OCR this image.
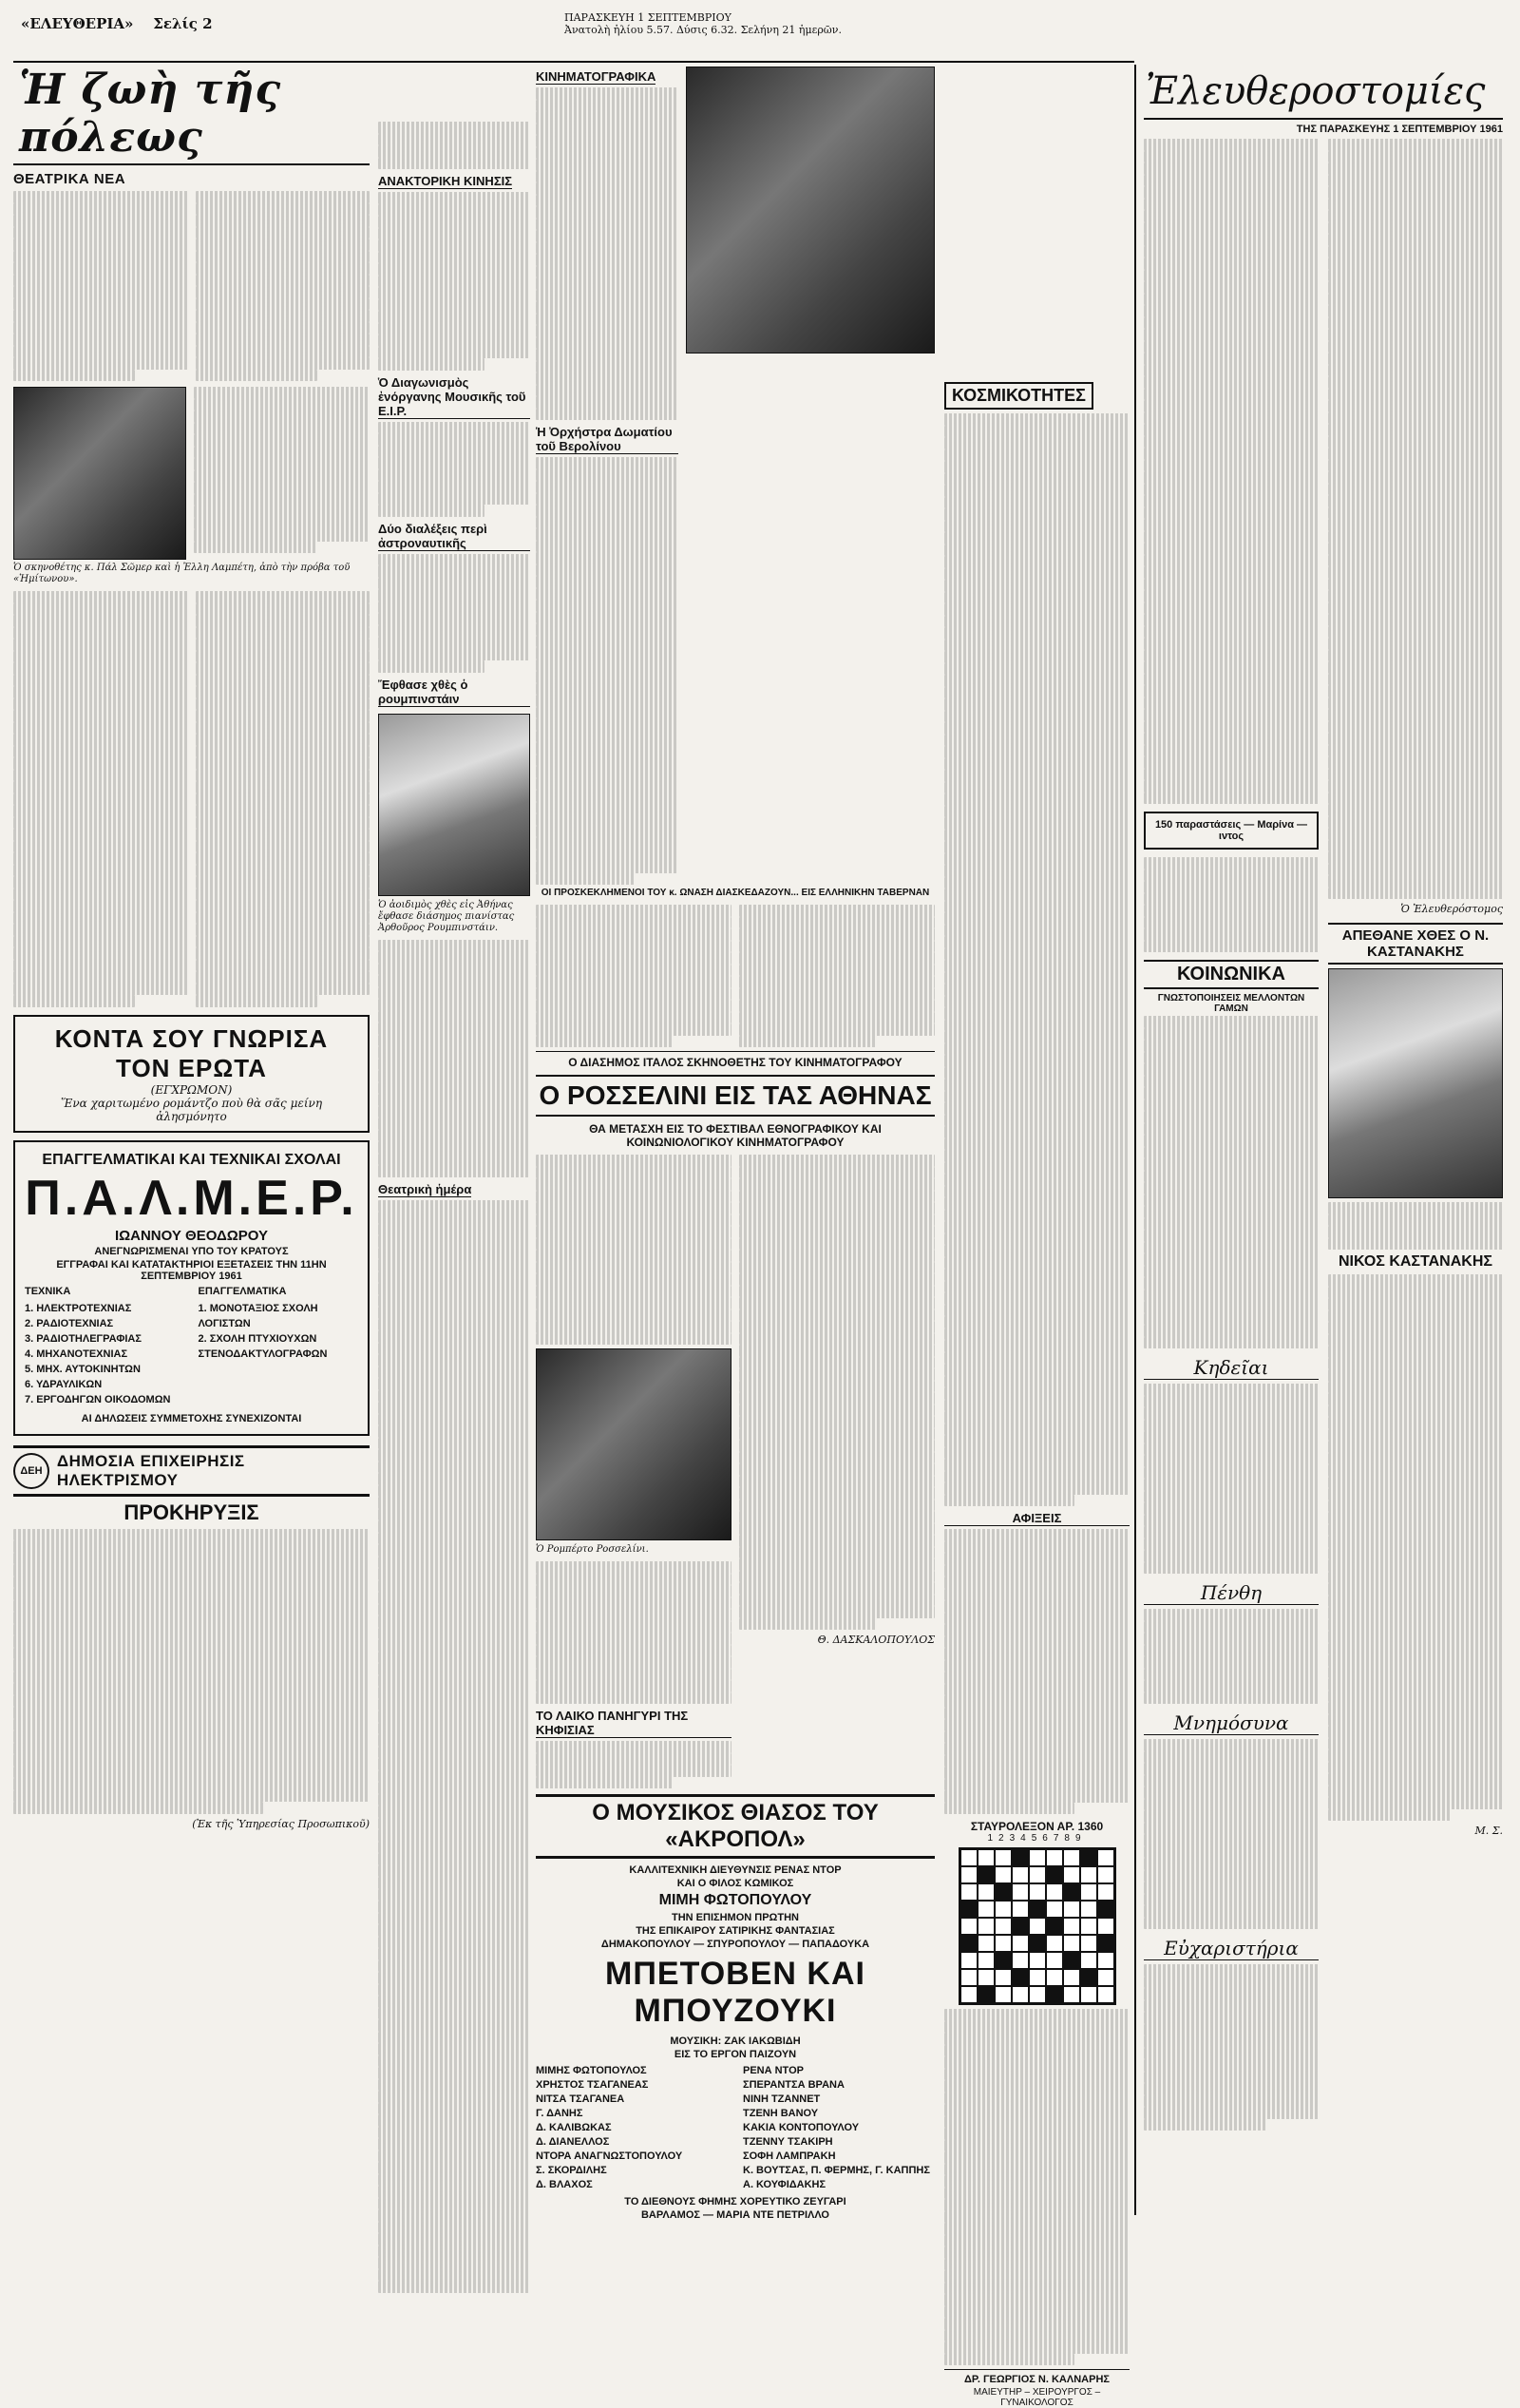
«ΕΛΕΥΘΕΡΙΑ» Σελίς 2	ΠΑΡΑΣΚΕΥΗ 1 ΣΕΠΤΕΜΒΡΙΟΥ
Ἀνατολὴ ἡλίου 5.57. Δύσις 6.32. Σελήνη 21 ἡμερῶν.
Ἡ ζωὴ τῆς πόλεως
ΘΕΑΤΡΙΚΑ ΝΕΑ
Ὁ σκηνοθέτης κ. Πάλ Σῶμερ καὶ ἡ Ἐλλη Λαμπέτη, ἀπὸ τὴν πρόβα τοῦ «Ἡμίτωνου».
ΚΟΝΤΑ ΣΟΥ ΓΝΩΡΙΣΑ ΤΟΝ ΕΡΩΤΑ
(ΕΓΧΡΩΜΟΝ)
Ἕνα χαριτωμένο ρομάντζο ποὺ θὰ σᾶς μείνη ἀλησμόνητο
ΕΠΑΓΓΕΛΜΑΤΙΚΑΙ ΚΑΙ ΤΕΧΝΙΚΑΙ ΣΧΟΛΑΙ
Π.Α.Λ.Μ.Ε.Ρ.
ΙΩΑΝΝΟΥ ΘΕΟΔΩΡΟΥ
ΑΝΕΓΝΩΡΙΣΜΕΝΑΙ ΥΠΟ ΤΟΥ ΚΡΑΤΟΥΣ
ΕΓΓΡΑΦΑΙ ΚΑΙ ΚΑΤΑΤΑΚΤΗΡΙΟΙ ΕΞΕΤΑΣΕΙΣ ΤΗΝ 11ΗΝ ΣΕΠΤΕΜΒΡΙΟΥ 1961
ΤΕΧΝΙΚΑ
1. ΗΛΕΚΤΡΟΤΕΧΝΙΑΣ
2. ΡΑΔΙΟΤΕΧΝΙΑΣ
3. ΡΑΔΙΟΤΗΛΕΓΡΑΦΙΑΣ
4. ΜΗΧΑΝΟΤΕΧΝΙΑΣ
5. ΜΗΧ. ΑΥΤΟΚΙΝΗΤΩΝ
6. ΥΔΡΑΥΛΙΚΩΝ
7. ΕΡΓΟΔΗΓΩΝ ΟΙΚΟΔΟΜΩΝ
ΕΠΑΓΓΕΛΜΑΤΙΚΑ
1. ΜΟΝΟΤΑΞΙΟΣ ΣΧΟΛΗ ΛΟΓΙΣΤΩΝ
2. ΣΧΟΛΗ ΠΤΥΧΙΟΥΧΩΝ ΣΤΕΝΟΔΑΚΤΥΛΟΓΡΑΦΩΝ
ΑΙ ΔΗΛΩΣΕΙΣ ΣΥΜΜΕΤΟΧΗΣ ΣΥΝΕΧΙΖΟΝΤΑΙ
ΔΕΗ
ΔΗΜΟΣΙΑ ΕΠΙΧΕΙΡΗΣΙΣ ΗΛΕΚΤΡΙΣΜΟΥ
ΠΡΟΚΗΡΥΞΙΣ
(Ἐκ τῆς Ὑπηρεσίας Προσωπικοῦ)
ΑΝΑΚΤΟΡΙΚΗ ΚΙΝΗΣΙΣ
Ὁ Διαγωνισμὸς ἐνόργανης Μουσικῆς τοῦ Ε.Ι.Ρ.
Δύο διαλέξεις περὶ ἀστροναυτικῆς
Ἔφθασε χθὲς ὁ ρουμπινστάιν
Ὁ ἀοιδιμὸς χθὲς εἰς Ἀθήνας ἔφθασε διάσημος πιανίστας Ἀρθοῦρος Ρουμπινστάιν.
Θεατρικὴ ἡμέρα
ΚΙΝΗΜΑΤΟΓΡΑΦΙΚΑ
Ἡ Ὀρχήστρα Δωματίου τοῦ Βερολίνου
ΟΙ ΠΡΟΣΚΕΚΛΗΜΕΝΟΙ ΤΟΥ κ. ΩΝΑΣΗ ΔΙΑΣΚΕΔΑΖΟΥΝ... ΕΙΣ ΕΛΛΗΝΙΚΗΝ ΤΑΒΕΡΝΑΝ
Ο ΔΙΑΣΗΜΟΣ ΙΤΑΛΟΣ ΣΚΗΝΟΘΕΤΗΣ ΤΟΥ ΚΙΝΗΜΑΤΟΓΡΑΦΟΥ
Ο ΡΟΣΣΕΛΙΝΙ ΕΙΣ ΤΑΣ ΑΘΗΝΑΣ
ΘΑ ΜΕΤΑΣΧΗ ΕΙΣ ΤΟ ΦΕΣΤΙΒΑΛ ΕΘΝΟΓΡΑΦΙΚΟΥ ΚΑΙ ΚΟΙΝΩΝΙΟΛΟΓΙΚΟΥ ΚΙΝΗΜΑΤΟΓΡΑΦΟΥ
Ὁ Ρομπέρτο Ροσσελίνι.
ΤΟ ΛΑΙΚΟ ΠΑΝΗΓΥΡΙ ΤΗΣ ΚΗΦΙΣΙΑΣ
Θ. ΔΑΣΚΑΛΟΠΟΥΛΟΣ
Ο ΜΟΥΣΙΚΟΣ ΘΙΑΣΟΣ ΤΟΥ «ΑΚΡΟΠΟΛ»
ΚΑΛΛΙΤΕΧΝΙΚΗ ΔΙΕΥΘΥΝΣΙΣ ΡΕΝΑΣ ΝΤΟΡ
ΚΑΙ Ο ΦΙΛΟΣ ΚΩΜΙΚΟΣ
ΜΙΜΗ ΦΩΤΟΠΟΥΛΟΥ
ΤΗΝ ΕΠΙΣΗΜΟΝ ΠΡΩΤΗΝ
ΤΗΣ ΕΠΙΚΑΙΡΟΥ ΣΑΤΙΡΙΚΗΣ ΦΑΝΤΑΣΙΑΣ
ΔΗΜΑΚΟΠΟΥΛΟΥ — ΣΠΥΡΟΠΟΥΛΟΥ — ΠΑΠΑΔΟΥΚΑ
ΜΠΕΤΟΒΕΝ ΚΑΙ ΜΠΟΥΖΟΥΚΙ
ΜΟΥΣΙΚΗ: ΖΑΚ ΙΑΚΩΒΙΔΗ
ΕΙΣ ΤΟ ΕΡΓΟΝ ΠΑΙΖΟΥΝ
ΜΙΜΗΣ ΦΩΤΟΠΟΥΛΟΣ
ΧΡΗΣΤΟΣ ΤΣΑΓΑΝΕΑΣ
ΝΙΤΣΑ ΤΣΑΓΑΝΕΑ
Γ. ΔΑΝΗΣ
Δ. ΚΑΛΙΒΩΚΑΣ
Δ. ΔΙΑΝΕΛΛΟΣ
ΝΤΟΡΑ ΑΝΑΓΝΩΣΤΟΠΟΥΛΟΥ
Σ. ΣΚΟΡΔΙΛΗΣ
Δ. ΒΛΑΧΟΣ
ΡΕΝΑ ΝΤΟΡ
ΣΠΕΡΑΝΤΣΑ ΒΡΑΝΑ
ΝΙΝΗ ΤΖΑΝΝΕΤ
ΤΖΕΝΗ ΒΑΝΟΥ
ΚΑΚΙΑ ΚΟΝΤΟΠΟΥΛΟΥ
ΤΖΕΝΝΥ ΤΣΑΚΙΡΗ
ΣΟΦΗ ΛΑΜΠΡΑΚΗ
Κ. ΒΟΥΤΣΑΣ, Π. ΦΕΡΜΗΣ, Γ. ΚΑΠΠΗΣ
Α. ΚΟΥΦΙΔΑΚΗΣ
ΤΟ ΔΙΕΘΝΟΥΣ ΦΗΜΗΣ ΧΟΡΕΥΤΙΚΟ ΖΕΥΓΑΡΙ
ΒΑΡΛΑΜΟΣ — ΜΑΡΙΑ ΝΤΕ ΠΕΤΡΙΛΛΟ
ΚΟΣΜΙΚΟΤΗΤΕΣ
ΑΦΙΞΕΙΣ
ΣΤΑΥΡΟΛΕΞΟΝ ΑΡ. 1360
123456789
ΔΡ. ΓΕΩΡΓΙΟΣ Ν. ΚΑΛΝΑΡΗΣ
ΜΑΙΕΥΤΗΡ – ΧΕΙΡΟΥΡΓΟΣ – ΓΥΝΑΙΚΟΛΟΓΟΣ
Ἐλευθεροστομίες
ΤΗΣ ΠΑΡΑΣΚΕΥΗΣ 1 ΣΕΠΤΕΜΒΡΙΟΥ 1961
150 παραστάσεις — Μαρίνα — ιντος
ΚΟΙΝΩΝΙΚΑ
ΓΝΩΣΤΟΠΟΙΗΣΕΙΣ ΜΕΛΛΟΝΤΩΝ ΓΑΜΩΝ
Κηδεῖαι
Πένθη
Μνημόσυνα
Εὐχαριστήρια
Ὁ Ἐλευθερόστομος
ΑΠΕΘΑΝΕ ΧΘΕΣ Ο Ν. ΚΑΣΤΑΝΑΚΗΣ
ΝΙΚΟΣ ΚΑΣΤΑΝΑΚΗΣ
Μ. Σ.
